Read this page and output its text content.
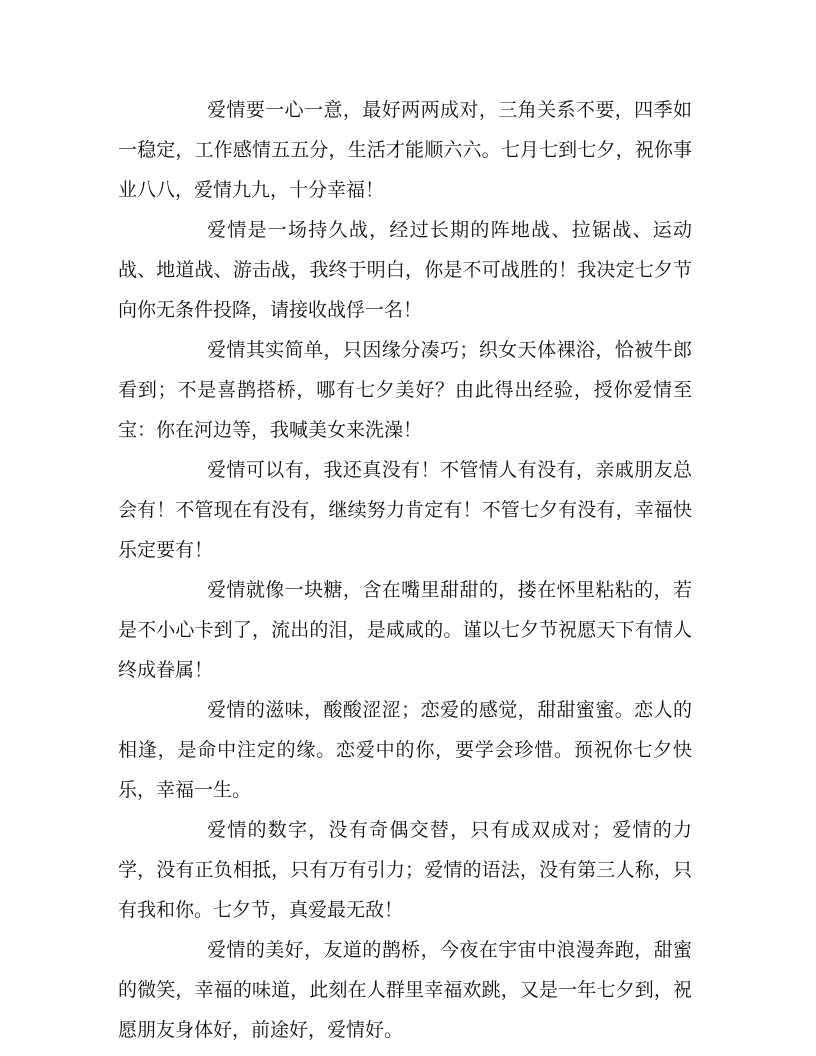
爱情要一心一意，最好两两成对，三角关系不要，四季如一稳定，工作感情五五分，生活才能顺六六。七月七到七夕，祝你事业八八，爱情九九，十分幸福！

爱情是一场持久战，经过长期的阵地战、拉锯战、运动战、地道战、游击战，我终于明白，你是不可战胜的！我决定七夕节向你无条件投降，请接收战俘一名！

爱情其实简单，只因缘分凑巧；织女天体裸浴，恰被牛郎看到；不是喜鹊搭桥，哪有七夕美好？由此得出经验，授你爱情至宝：你在河边等，我喊美女来洗澡！

爱情可以有，我还真没有！不管情人有没有，亲戚朋友总会有！不管现在有没有，继续努力肯定有！不管七夕有没有，幸福快乐定要有！

爱情就像一块糖，含在嘴里甜甜的，搂在怀里粘粘的，若是不小心卡到了，流出的泪，是咸咸的。谨以七夕节祝愿天下有情人终成眷属！

爱情的滋味，酸酸涩涩；恋爱的感觉，甜甜蜜蜜。恋人的相逢，是命中注定的缘。恋爱中的你，要学会珍惜。预祝你七夕快乐，幸福一生。

爱情的数字，没有奇偶交替，只有成双成对；爱情的力学，没有正负相抵，只有万有引力；爱情的语法，没有第三人称，只有我和你。七夕节，真爱最无敌！

爱情的美好，友道的鹊桥，今夜在宇宙中浪漫奔跑，甜蜜的微笑，幸福的味道，此刻在人群里幸福欢跳，又是一年七夕到，祝愿朋友身体好，前途好，爱情好。
